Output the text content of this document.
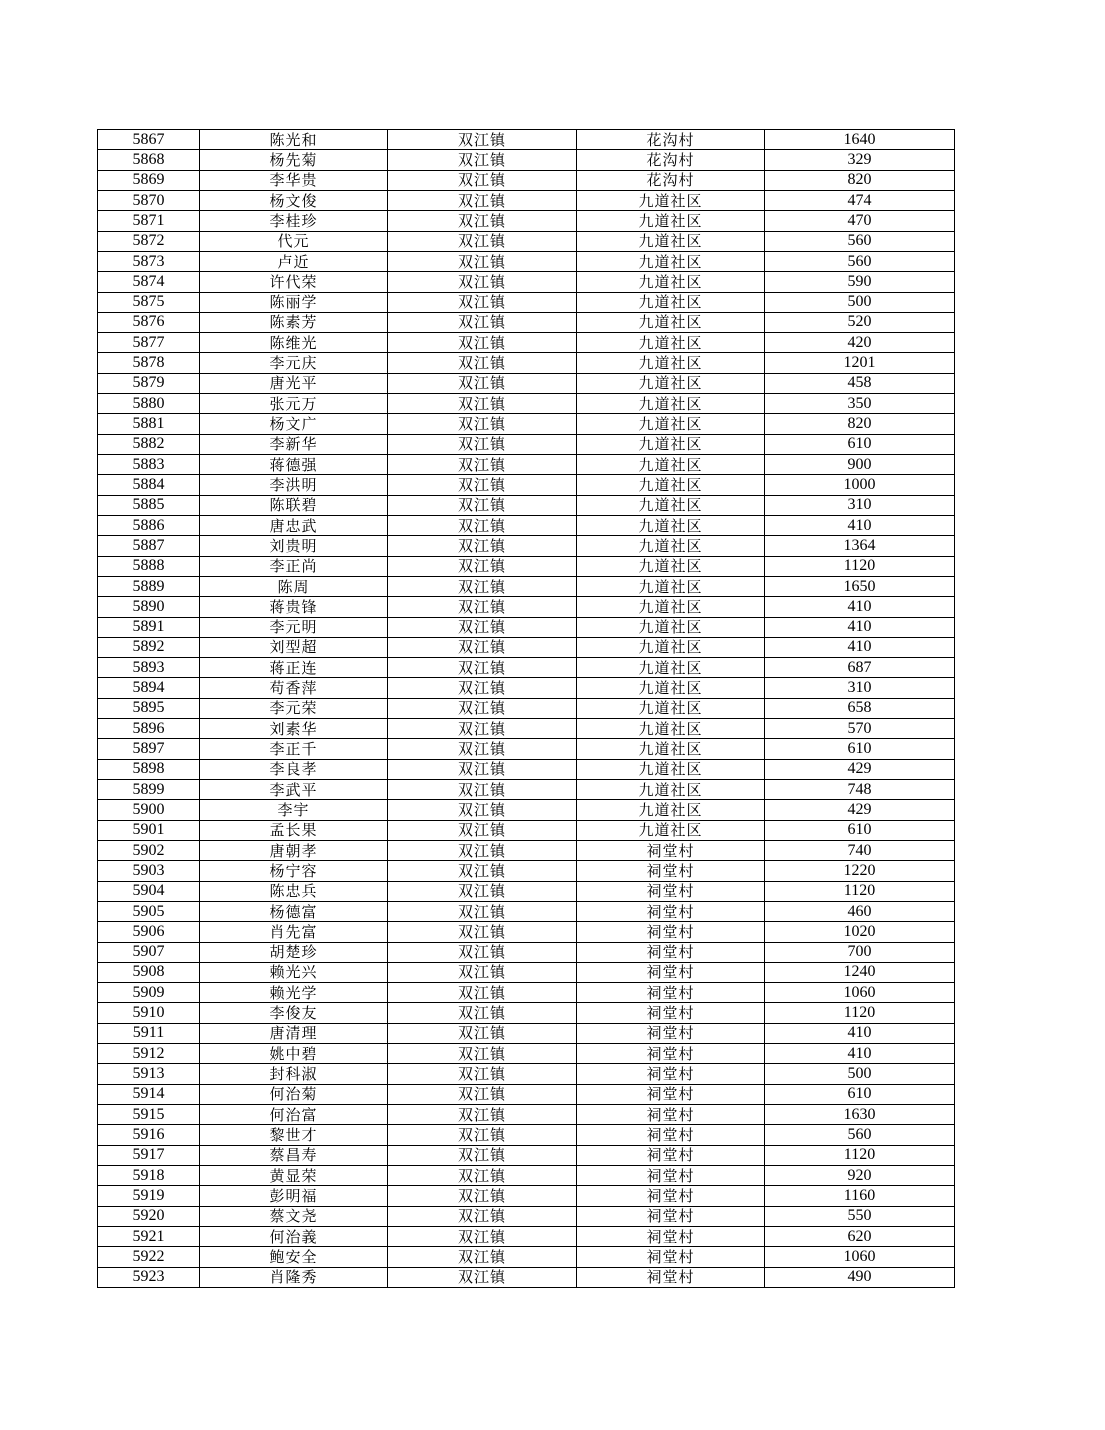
5867	陈光和	双江镇	花沟村	1640
5868	杨先菊	双江镇	花沟村	329
5869	李华贵	双江镇	花沟村	820
5870	杨文俊	双江镇	九道社区	474
5871	李桂珍	双江镇	九道社区	470
5872	代元	双江镇	九道社区	560
5873	卢近	双江镇	九道社区	560
5874	许代荣	双江镇	九道社区	590
5875	陈丽学	双江镇	九道社区	500
5876	陈素芳	双江镇	九道社区	520
5877	陈维光	双江镇	九道社区	420
5878	李元庆	双江镇	九道社区	1201
5879	唐光平	双江镇	九道社区	458
5880	张元万	双江镇	九道社区	350
5881	杨文广	双江镇	九道社区	820
5882	李新华	双江镇	九道社区	610
5883	蒋德强	双江镇	九道社区	900
5884	李洪明	双江镇	九道社区	1000
5885	陈联碧	双江镇	九道社区	310
5886	唐忠武	双江镇	九道社区	410
5887	刘贵明	双江镇	九道社区	1364
5888	李正尚	双江镇	九道社区	1120
5889	陈周	双江镇	九道社区	1650
5890	蒋贵锋	双江镇	九道社区	410
5891	李元明	双江镇	九道社区	410
5892	刘型超	双江镇	九道社区	410
5893	蒋正连	双江镇	九道社区	687
5894	苟香萍	双江镇	九道社区	310
5895	李元荣	双江镇	九道社区	658
5896	刘素华	双江镇	九道社区	570
5897	李正千	双江镇	九道社区	610
5898	李良孝	双江镇	九道社区	429
5899	李武平	双江镇	九道社区	748
5900	李宇	双江镇	九道社区	429
5901	孟长果	双江镇	九道社区	610
5902	唐朝孝	双江镇	祠堂村	740
5903	杨宁容	双江镇	祠堂村	1220
5904	陈忠兵	双江镇	祠堂村	1120
5905	杨德富	双江镇	祠堂村	460
5906	肖先富	双江镇	祠堂村	1020
5907	胡楚珍	双江镇	祠堂村	700
5908	赖光兴	双江镇	祠堂村	1240
5909	赖光学	双江镇	祠堂村	1060
5910	李俊友	双江镇	祠堂村	1120
5911	唐清理	双江镇	祠堂村	410
5912	姚中碧	双江镇	祠堂村	410
5913	封科淑	双江镇	祠堂村	500
5914	何治菊	双江镇	祠堂村	610
5915	何治富	双江镇	祠堂村	1630
5916	黎世才	双江镇	祠堂村	560
5917	蔡昌寿	双江镇	祠堂村	1120
5918	黄显荣	双江镇	祠堂村	920
5919	彭明福	双江镇	祠堂村	1160
5920	蔡文尧	双江镇	祠堂村	550
5921	何治義	双江镇	祠堂村	620
5922	鲍安全	双江镇	祠堂村	1060
5923	肖隆秀	双江镇	祠堂村	490
